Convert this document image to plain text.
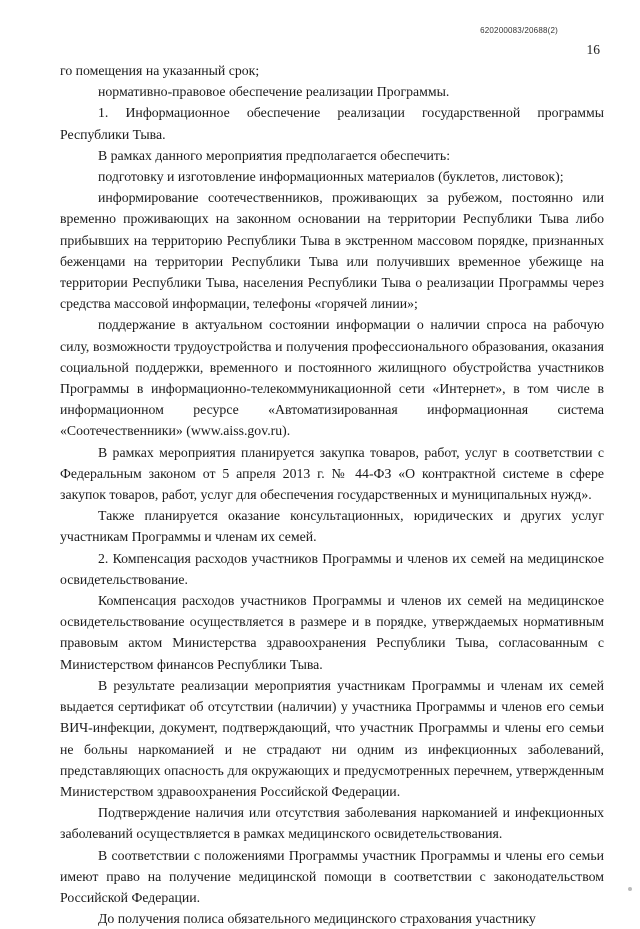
620200083/20688(2)
16

го помещения на указанный срок;

нормативно-правовое обеспечение реализации Программы.

1. Информационное обеспечение реализации государственной программы Республики Тыва.

В рамках данного мероприятия предполагается обеспечить:

подготовку и изготовление информационных материалов (буклетов, листовок);

информирование соотечественников, проживающих за рубежом, постоянно или временно проживающих на законном основании на территории Республики Тыва либо прибывших на территорию Республики Тыва в экстренном массовом порядке, признанных беженцами на территории Республики Тыва или получивших временное убежище на территории Республики Тыва, населения Республики Тыва о реализации Программы через средства массовой информации, телефоны «горячей линии»;

поддержание в актуальном состоянии информации о наличии спроса на рабочую силу, возможности трудоустройства и получения профессионального образования, оказания социальной поддержки, временного и постоянного жилищного обустройства участников Программы в информационно-телекоммуникационной сети «Интернет», в том числе в информационном ресурсе «Автоматизированная информационная система «Соотечественники» (www.aiss.gov.ru).

В рамках мероприятия планируется закупка товаров, работ, услуг в соответствии с Федеральным законом от 5 апреля 2013 г. № 44-ФЗ «О контрактной системе в сфере закупок товаров, работ, услуг для обеспечения государственных и муниципальных нужд».

Также планируется оказание консультационных, юридических и других услуг участникам Программы и членам их семей.

2. Компенсация расходов участников Программы и членов их семей на медицинское освидетельствование.

Компенсация расходов участников Программы и членов их семей на медицинское освидетельствование осуществляется в размере и в порядке, утверждаемых нормативным правовым актом Министерства здравоохранения Республики Тыва, согласованным с Министерством финансов Республики Тыва.

В результате реализации мероприятия участникам Программы и членам их семей выдается сертификат об отсутствии (наличии) у участника Программы и членов его семьи ВИЧ-инфекции, документ, подтверждающий, что участник Программы и члены его семьи не больны наркоманией и не страдают ни одним из инфекционных заболеваний, представляющих опасность для окружающих и предусмотренных перечнем, утвержденным Министерством здравоохранения Российской Федерации.

Подтверждение наличия или отсутствия заболевания наркоманией и инфекционных заболеваний осуществляется в рамках медицинского освидетельствования.

В соответствии с положениями Программы участник Программы и члены его семьи имеют право на получение медицинской помощи в соответствии с законодательством Российской Федерации.

До получения полиса обязательного медицинского страхования участнику
